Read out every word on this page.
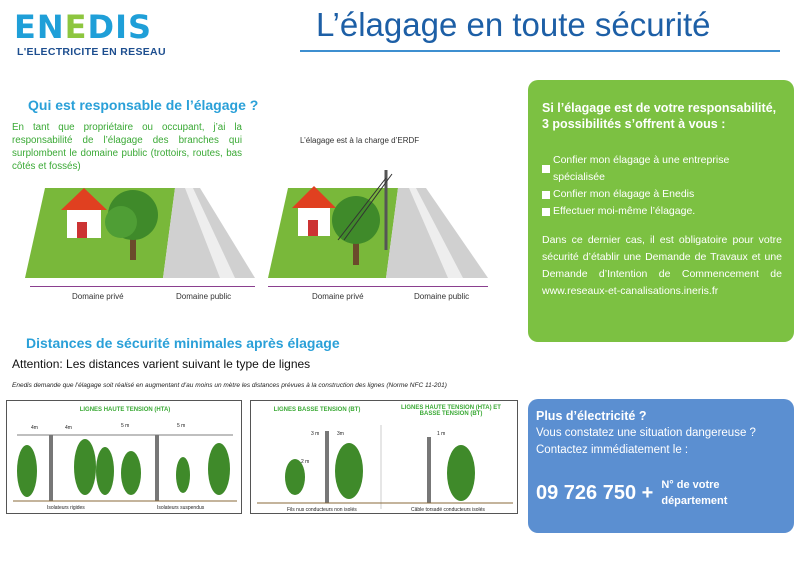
ENEDIS
L'ELECTRICITE EN RESEAU
L’élagage en toute sécurité
Qui est responsable de l’élagage ?
En tant que propriétaire ou occupant, j’ai la responsabilité de l’élagage des branches qui surplombent le domaine public (trottoirs, routes, bas côtés et fossés)
L’élagage est à la charge d’ERDF
Domaine privé	Domaine public	Domaine privé	Domaine public
Si l’élagage est de votre responsabilité, 3 possibilités s’offrent à vous :
Confier mon élagage à une entreprise spécialisée
Confier mon élagage à Enedis
Effectuer moi-même l’élagage.
Dans ce dernier cas, il est obligatoire pour votre sécurité d’établir une Demande de Travaux et une Demande d’Intention de Commencement de www.reseaux-et-canalisations.ineris.fr
Distances de sécurité minimales après élagage
Attention: Les distances varient suivant le type de lignes
Enedis demande que l’élagage soit réalisé en augmentant d’au moins un mètre les distances prévues à la construction des lignes (Norme NFC 11-201)
LIGNES HAUTE TENSION (HTA)
4m	4m	5 m	5 m
Isolateurs rigides	Isolateurs suspendus
LIGNES BASSE TENSION (BT)	LIGNES HAUTE TENSION (HTA) ET BASSE TENSION (BT)
3 m	3m
2 m
1 m
Fils nus conducteurs non isolés	Câble torsadé conducteurs isolés
Plus d’électricité ?
Vous constatez une situation dangereuse ?
Contactez immédiatement le :
09 726 750 + N° de votre département
